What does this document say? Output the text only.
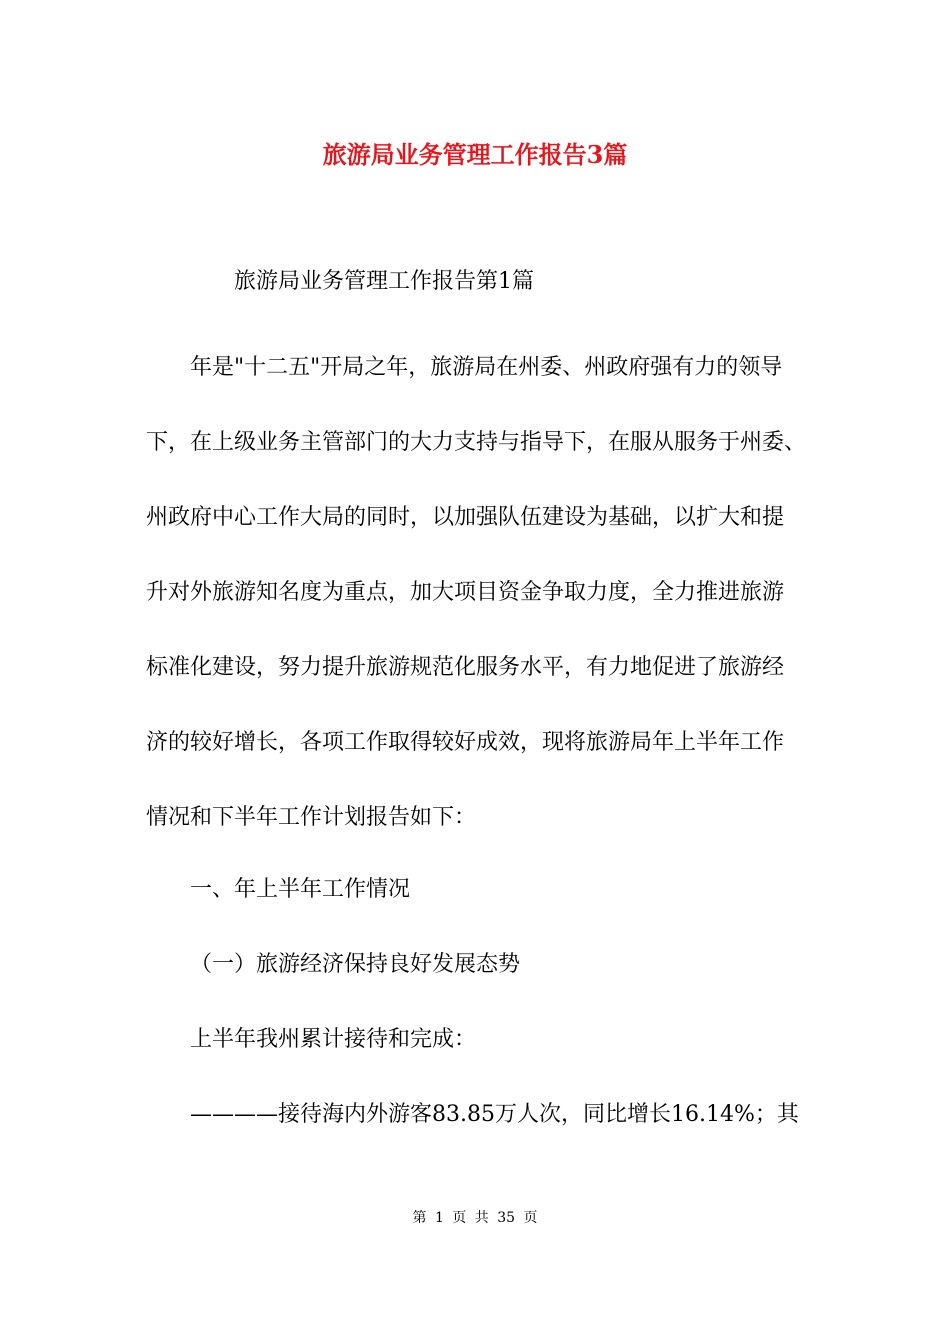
旅游局业务管理工作报告3篇
旅游局业务管理工作报告第1篇
年是"十二五"开局之年，旅游局在州委、州政府强有力的领导
下，在上级业务主管部门的大力支持与指导下，在服从服务于州委、
州政府中心工作大局的同时，以加强队伍建设为基础，以扩大和提
升对外旅游知名度为重点，加大项目资金争取力度，全力推进旅游
标准化建设，努力提升旅游规范化服务水平，有力地促进了旅游经
济的较好增长，各项工作取得较好成效，现将旅游局年上半年工作
情况和下半年工作计划报告如下：
一、年上半年工作情况
（一）旅游经济保持良好发展态势
上半年我州累计接待和完成：
————接待海内外游客83.85万人次，同比增长16.14%；其
第 1 页 共 35 页
